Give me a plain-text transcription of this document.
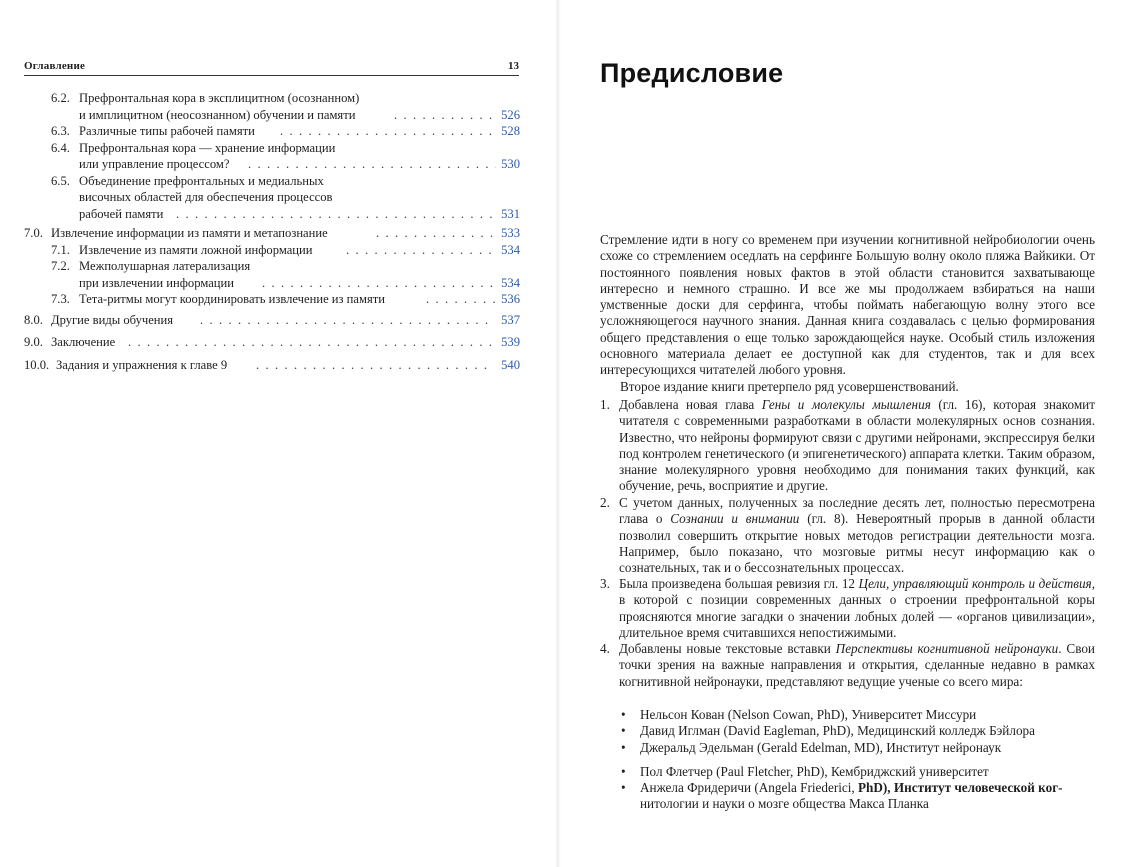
Оглавление	13
6.2. Префронтальная кора в эксплицитном (осознанном)
и имплицитном (неосознанном) обучении и памяти . . .	526
6.3. Различные типы рабочей памяти . . .	528
6.4. Префронтальная кора — хранение информации
или управление процессом? . . .	530
6.5. Объединение префронтальных и медиальных
височных областей для обеспечения процессов
рабочей памяти . . .	531
7.0. Извлечение информации из памяти и метапознание . . .	533
7.1. Извлечение из памяти ложной информации . . .	534
7.2. Межполушарная латерализация
при извлечении информации . . .	534
7.3. Тета-ритмы могут координировать извлечение из памяти . . .	536
8.0. Другие виды обучения . . .	537
9.0. Заключение . . .	539
10.0. Задания и упражнения к главе 9 . . .	540
Предисловие
Стремление идти в ногу со временем при изучении когнитивной нейробиологии очень схоже со стремлением оседлать на серфинге Большую волну около пляжа Вайкики. От постоянного появления новых фактов в этой области становится захватывающе интересно и немного страшно. И все же мы продолжаем взбираться на наши умственные доски для серфинга, чтобы поймать набегающую волну этого все усложняющегося научного знания. Данная книга создавалась с целью формирования общего представления о еще только зарождающейся науке. Особый стиль изложения основного материала делает ее доступной как для студентов, так и для всех интересующихся читателей любого уровня.
Второе издание книги претерпело ряд усовершенствований.
1. Добавлена новая глава Гены и молекулы мышления (гл. 16), которая знакомит читателя с современными разработками в области молекулярных основ сознания. Известно, что нейроны формируют связи с другими нейронами, экспрессируя белки под контролем генетического (и эпигенетического) аппарата клетки. Таким образом, знание молекулярного уровня необходимо для понимания таких функций, как обучение, речь, восприятие и другие.
2. С учетом данных, полученных за последние десять лет, полностью пересмотрена глава о Сознании и внимании (гл. 8). Невероятный прорыв в данной области позволил совершить открытие новых методов регистрации деятельности мозга. Например, было показано, что мозговые ритмы несут информацию как о сознательных, так и о бессознательных процессах.
3. Была произведена большая ревизия гл. 12 Цели, управляющий контроль и действия, в которой с позиции современных данных о строении префронтальной коры проясняются многие загадки о значении лобных долей — «органов цивилизации», длительное время считавшихся непостижимыми.
4. Добавлены новые текстовые вставки Перспективы когнитивной нейронауки. Свои точки зрения на важные направления и открытия, сделанные недавно в рамках когнитивной нейронауки, представляют ведущие ученые со всего мира:
• Нельсон Кован (Nelson Cowan, PhD), Университет Миссури
• Давид Иглман (David Eagleman, PhD), Медицинский колледж Бэйлора
• Джеральд Эдельман (Gerald Edelman, MD), Институт нейронаук
• Пол Флетчер (Paul Fletcher, PhD), Кембриджский университет
• Анжела Фридеричи (Angela Friederici, PhD), Институт человеческой ког-
нитологии и науки о мозге общества Макса Планка
